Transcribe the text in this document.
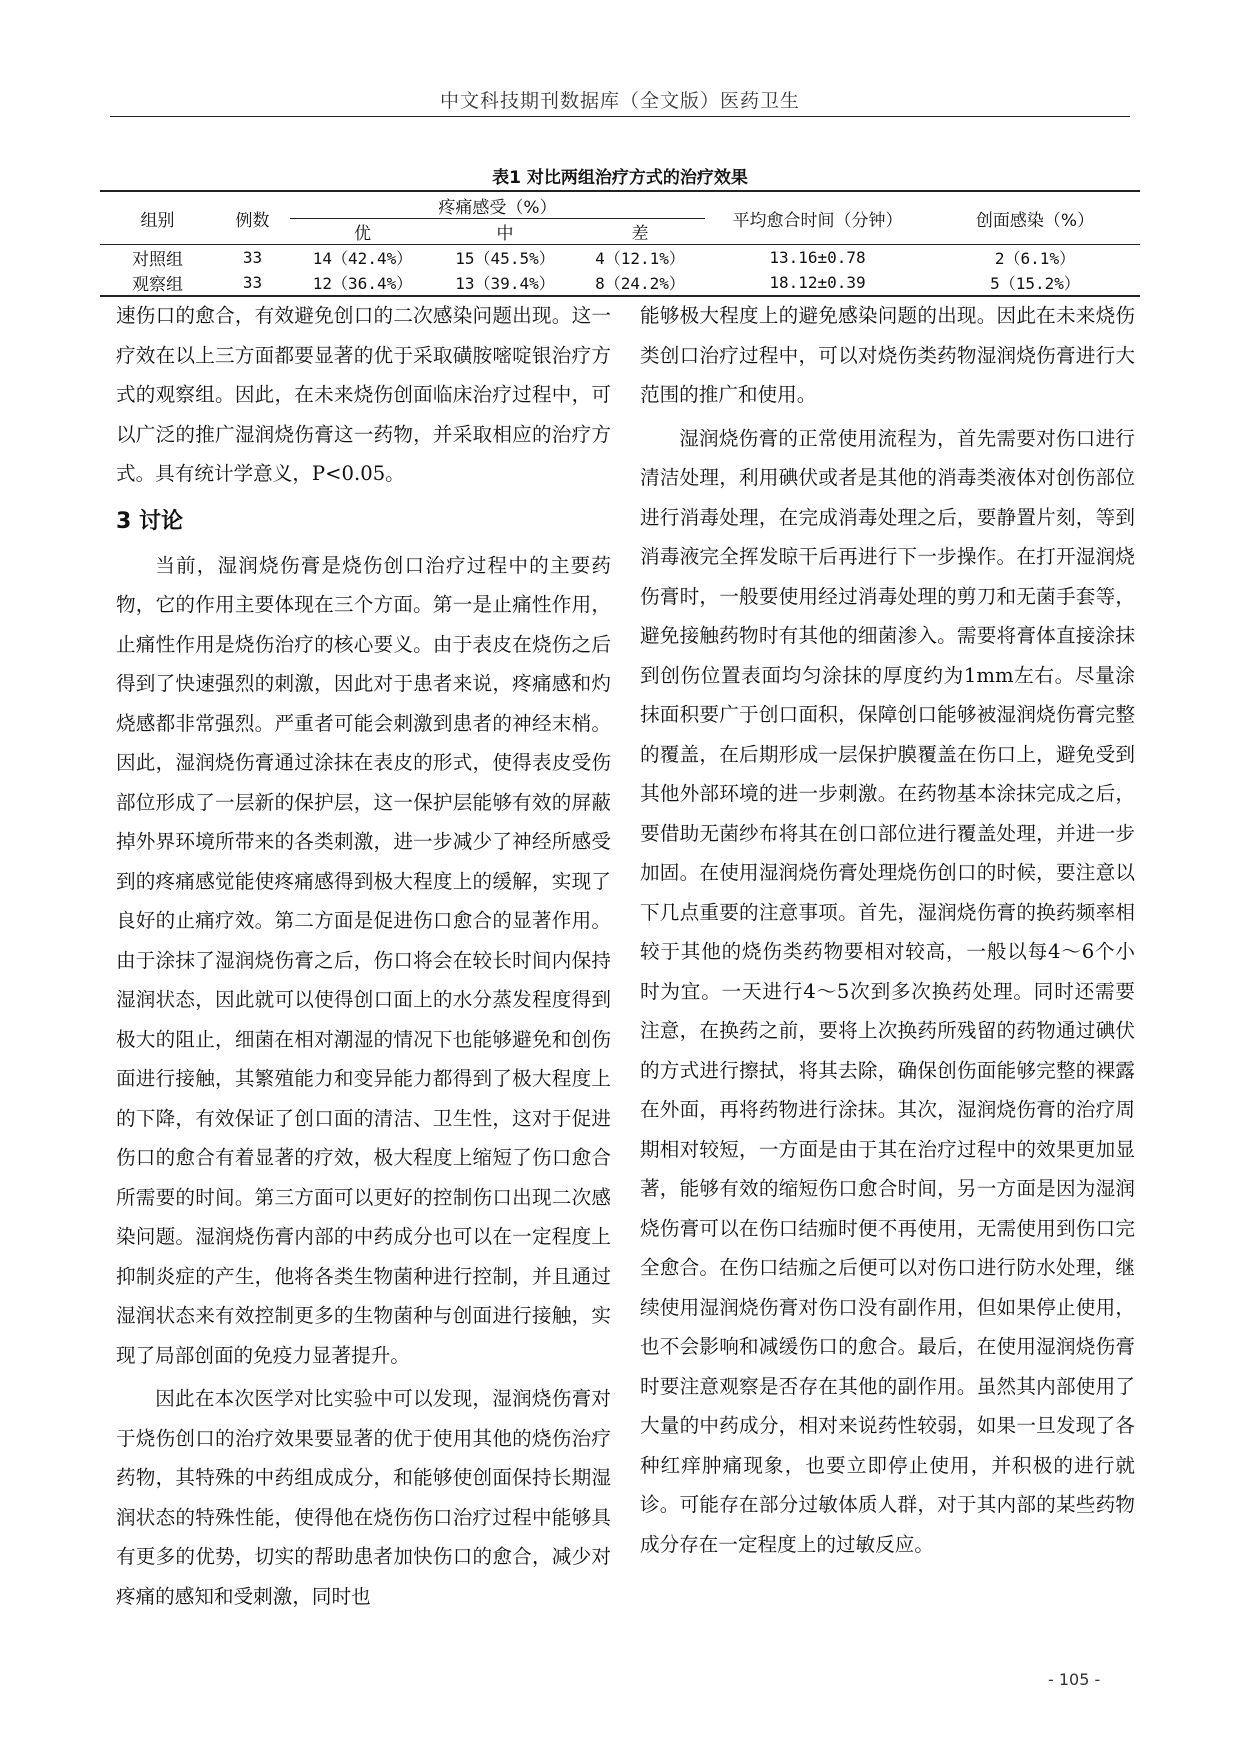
中文科技期刊数据库（全文版）医药卫生
表1 对比两组治疗方式的治疗效果
组别	例数	疼痛感受（%）			平均愈合时间（分钟）	创面感染（%）
		优	中	差		
对照组	33	14（42.4%）	15（45.5%）	4（12.1%）	13.16±0.78	2（6.1%）
观察组	33	12（36.4%）	13（39.4%）	8（24.2%）	18.12±0.39	5（15.2%）

速伤口的愈合，有效避免创口的二次感染问题出现。这一疗效在以上三方面都要显著的优于采取磺胺嘧啶银治疗方式的观察组。因此，在未来烧伤创面临床治疗过程中，可以广泛的推广湿润烧伤膏这一药物，并采取相应的治疗方式。具有统计学意义，P<0.05。

3 讨论

当前，湿润烧伤膏是烧伤创口治疗过程中的主要药物，它的作用主要体现在三个方面。第一是止痛性作用，止痛性作用是烧伤治疗的核心要义。由于表皮在烧伤之后得到了快速强烈的刺激，因此对于患者来说，疼痛感和灼烧感都非常强烈。严重者可能会刺激到患者的神经末梢。因此，湿润烧伤膏通过涂抹在表皮的形式，使得表皮受伤部位形成了一层新的保护层，这一保护层能够有效的屏蔽掉外界环境所带来的各类刺激，进一步减少了神经所感受到的疼痛感觉能使疼痛感得到极大程度上的缓解，实现了良好的止痛疗效。第二方面是促进伤口愈合的显著作用。由于涂抹了湿润烧伤膏之后，伤口将会在较长时间内保持湿润状态，因此就可以使得创口面上的水分蒸发程度得到极大的阻止，细菌在相对潮湿的情况下也能够避免和创伤面进行接触，其繁殖能力和变异能力都得到了极大程度上的下降，有效保证了创口面的清洁、卫生性，这对于促进伤口的愈合有着显著的疗效，极大程度上缩短了伤口愈合所需要的时间。第三方面可以更好的控制伤口出现二次感染问题。湿润烧伤膏内部的中药成分也可以在一定程度上抑制炎症的产生，他将各类生物菌种进行控制，并且通过湿润状态来有效控制更多的生物菌种与创面进行接触，实现了局部创面的免疫力显著提升。

因此在本次医学对比实验中可以发现，湿润烧伤膏对于烧伤创口的治疗效果要显著的优于使用其他的烧伤治疗药物，其特殊的中药组成成分，和能够使创面保持长期湿润状态的特殊性能，使得他在烧伤伤口治疗过程中能够具有更多的优势，切实的帮助患者加快伤口的愈合，减少对疼痛的感知和受刺激，同时也

能够极大程度上的避免感染问题的出现。因此在未来烧伤类创口治疗过程中，可以对烧伤类药物湿润烧伤膏进行大范围的推广和使用。

湿润烧伤膏的正常使用流程为，首先需要对伤口进行清洁处理，利用碘伏或者是其他的消毒类液体对创伤部位进行消毒处理，在完成消毒处理之后，要静置片刻，等到消毒液完全挥发晾干后再进行下一步操作。在打开湿润烧伤膏时，一般要使用经过消毒处理的剪刀和无菌手套等，避免接触药物时有其他的细菌渗入。需要将膏体直接涂抹到创伤位置表面均匀涂抹的厚度约为1mm左右。尽量涂抹面积要广于创口面积，保障创口能够被湿润烧伤膏完整的覆盖，在后期形成一层保护膜覆盖在伤口上，避免受到其他外部环境的进一步刺激。在药物基本涂抹完成之后，要借助无菌纱布将其在创口部位进行覆盖处理，并进一步加固。在使用湿润烧伤膏处理烧伤创口的时候，要注意以下几点重要的注意事项。首先，湿润烧伤膏的换药频率相较于其他的烧伤类药物要相对较高，一般以每4～6个小时为宜。一天进行4～5次到多次换药处理。同时还需要注意，在换药之前，要将上次换药所残留的药物通过碘伏的方式进行擦拭，将其去除，确保创伤面能够完整的裸露在外面，再将药物进行涂抹。其次，湿润烧伤膏的治疗周期相对较短，一方面是由于其在治疗过程中的效果更加显著，能够有效的缩短伤口愈合时间，另一方面是因为湿润烧伤膏可以在伤口结痂时便不再使用，无需使用到伤口完全愈合。在伤口结痂之后便可以对伤口进行防水处理，继续使用湿润烧伤膏对伤口没有副作用，但如果停止使用，也不会影响和减缓伤口的愈合。最后，在使用湿润烧伤膏时要注意观察是否存在其他的副作用。虽然其内部使用了大量的中药成分，相对来说药性较弱，如果一旦发现了各种红痒肿痛现象，也要立即停止使用，并积极的进行就诊。可能存在部分过敏体质人群，对于其内部的某些药物成分存在一定程度上的过敏反应。

- 105 -
